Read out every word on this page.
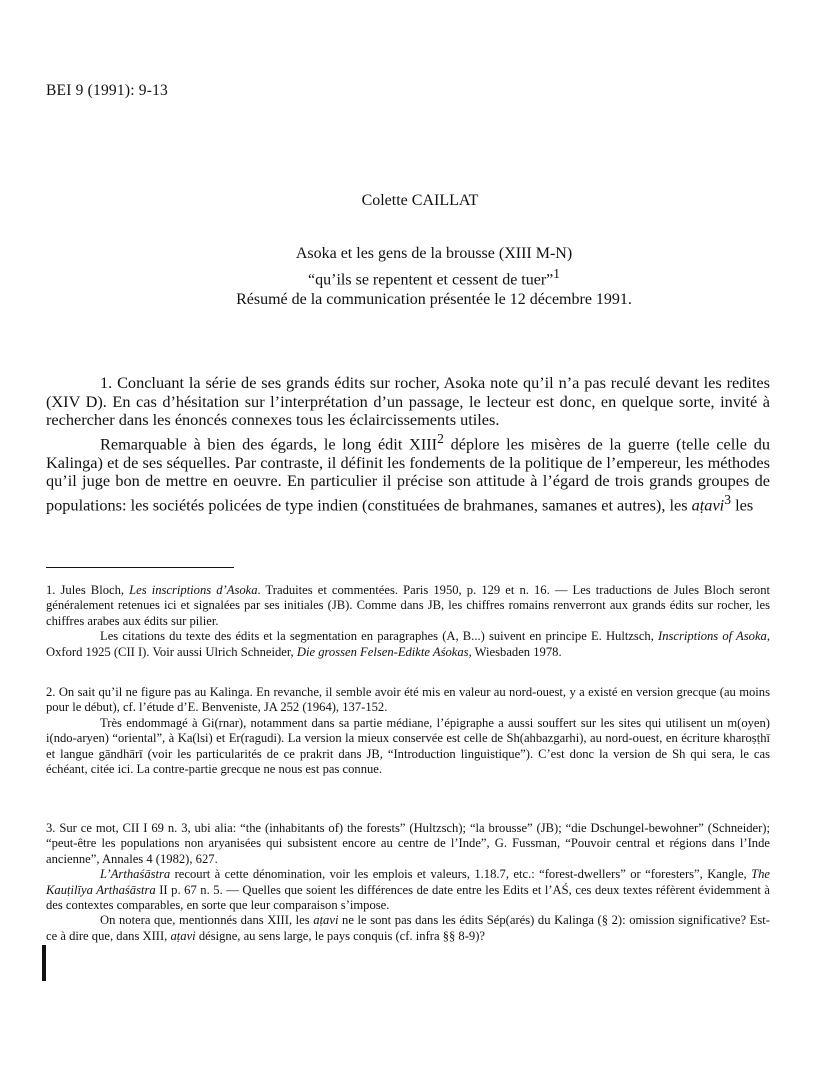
BEI 9 (1991): 9-13
Colette CAILLAT
Asoka et les gens de la brousse (XIII M-N)
“qu’ils se repentent et cessent de tuer”$^1$
Résumé de la communication présentée le 12 décembre 1991.

1. Concluant la série de ses grands édits sur rocher, Asoka note qu’il n’a pas reculé devant les redites (XIV D). En cas d’hésitation sur l’interprétation d’un passage, le lecteur est donc, en quelque sorte, invité à rechercher dans les énoncés connexes tous les éclaircissements utiles.

Remarquable à bien des égards, le long édit XIII$^2$ déplore les misères de la guerre (telle celle du Kalinga) et de ses séquelles. Par contraste, il définit les fondements de la politique de l’empereur, les méthodes qu’il juge bon de mettre en oeuvre. En particulier il précise son attitude à l’égard de trois grands groupes de populations: les sociétés policées de type indien (constituées de brahmanes, samanes et autres), les aṭavi$^3$ les

1. Jules Bloch, Les inscriptions d’Asoka. Traduites et commentées. Paris 1950, p. 129 et n. 16. — Les traductions de Jules Bloch seront généralement retenues ici et signalées par ses initiales (JB). Comme dans JB, les chiffres romains renverront aux grands édits sur rocher, les chiffres arabes aux édits sur pilier.

Les citations du texte des édits et la segmentation en paragraphes (A, B...) suivent en principe E. Hultzsch, Inscriptions of Asoka, Oxford 1925 (CII I). Voir aussi Ulrich Schneider, Die grossen Felsen-Edikte Aśokas, Wiesbaden 1978.

2. On sait qu’il ne figure pas au Kalinga. En revanche, il semble avoir été mis en valeur au nord-ouest, y a existé en version grecque (au moins pour le début), cf. l’étude d’E. Benveniste, JA 252 (1964), 137-152.

Très endommagé à Gi(rnar), notamment dans sa partie médiane, l’épigraphe a aussi souffert sur les sites qui utilisent un m(oyen) i(ndo-aryen) “oriental”, à Ka(lsi) et Er(ragudi). La version la mieux conservée est celle de Sh(ahbazgarhi), au nord-ouest, en écriture kharoṣṭhī et langue gāndhārī (voir les particularités de ce prakrit dans JB, “Introduction linguistique”). C’est donc la version de Sh qui sera, le cas échéant, citée ici. La contre-partie grecque ne nous est pas connue.

3. Sur ce mot, CII I 69 n. 3, ubi alia: “the (inhabitants of) the forests” (Hultzsch); “la brousse” (JB); “die Dschungel-bewohner” (Schneider); “peut-être les populations non aryanisées qui subsistent encore au centre de l’Inde”, G. Fussman, “Pouvoir central et régions dans l’Inde ancienne”, Annales 4 (1982), 627.

L’Arthaśāstra recourt à cette dénomination, voir les emplois et valeurs, 1.18.7, etc.: “forest-dwellers” or “foresters”, Kangle, The Kauṭilīya Arthaśāstra II p. 67 n. 5. — Quelles que soient les différences de date entre les Edits et l’AŚ, ces deux textes réfèrent évidemment à des contextes comparables, en sorte que leur comparaison s’impose.

On notera que, mentionnés dans XIII, les aṭavi ne le sont pas dans les édits Sép(arés) du Kalinga (§ 2): omission significative? Est-ce à dire que, dans XIII, aṭavi désigne, au sens large, le pays conquis (cf. infra §§ 8-9)?
